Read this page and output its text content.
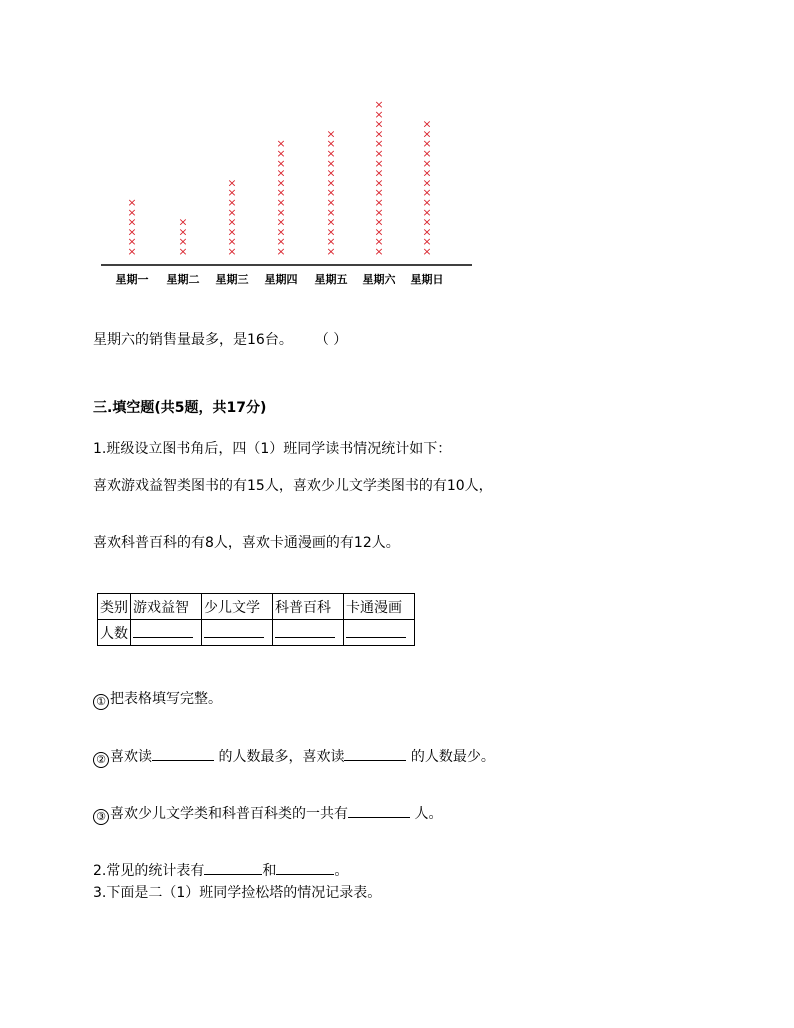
×
×
×
×
×
×
×
×
×
×
×
×
×
×
×
×
×
×
×
×
×
×
×
×
×
×
×
×
×
×
×
×
×
×
×
×
×
×
×
×
×
×
×
×
×
×
×
×
×
×
×
×
×
×
×
×
×
×
×
×
×
×
×
×
×
×
×
×
×
×
×
×
×
星期一 星期二 星期三 星期四 星期五 星期六 星期日
星期六的销售量最多，是16台。 （ ）
三.填空题(共5题，共17分)
1.班级设立图书角后，四（1）班同学读书情况统计如下：
喜欢游戏益智类图书的有15人，喜欢少儿文学类图书的有10人，
喜欢科普百科的有8人，喜欢卡通漫画的有12人。
类别	游戏益智	少儿文学	科普百科	卡通漫画
人数				
① 把表格填写完整。
② 喜欢读	的人数最多，喜欢读	的人数最少。
③ 喜欢少儿文学类和科普百科类的一共有	人。
2.常见的统计表有	和	。
3.下面是二（1）班同学捡松塔的情况记录表。
